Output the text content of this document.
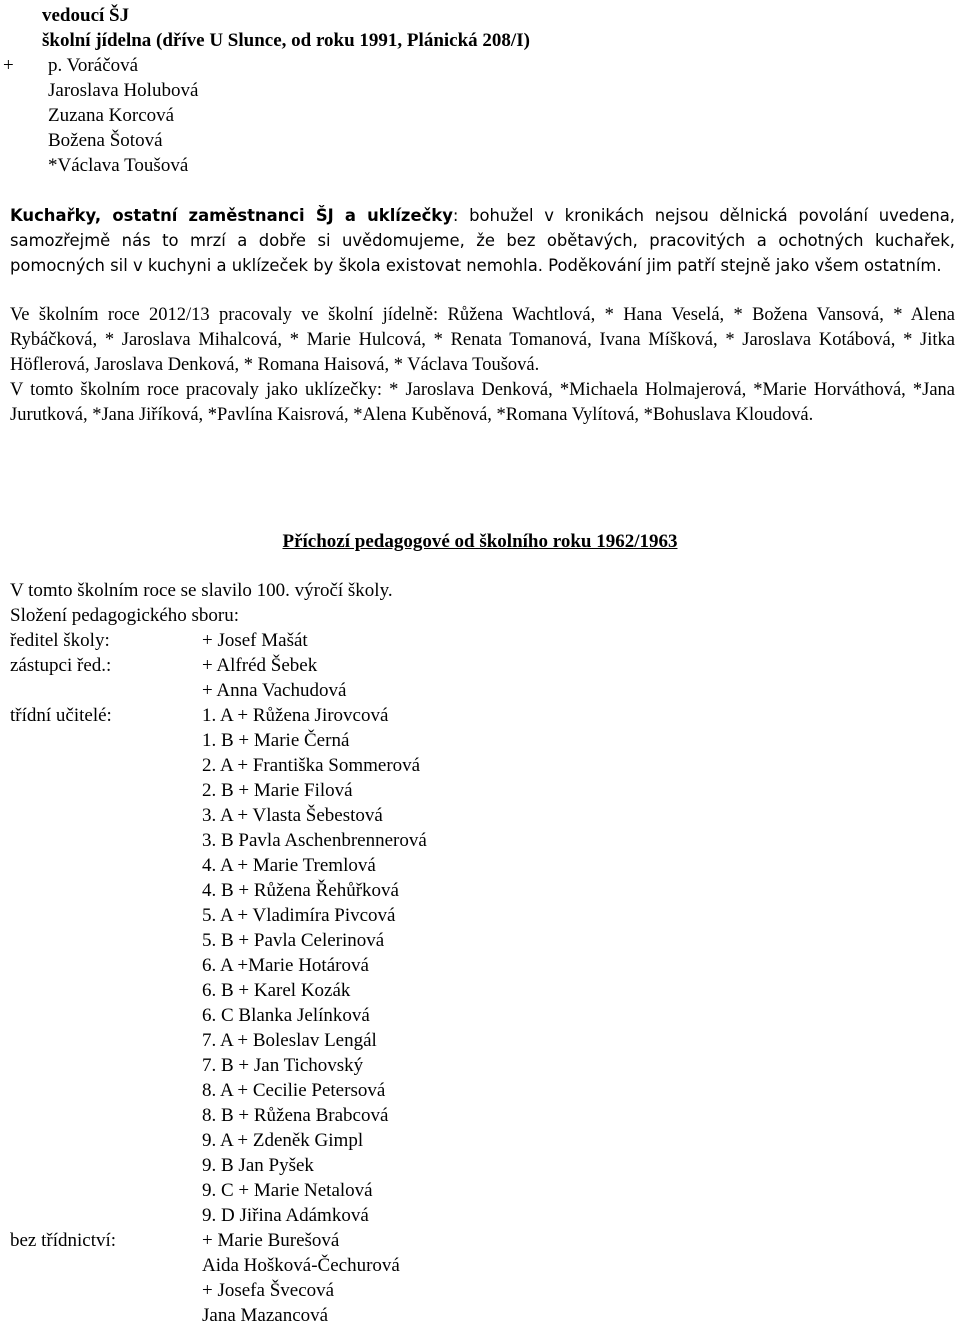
vedoucí ŠJ
školní jídelna (dříve U Slunce, od roku 1991, Plánická 208/I)
+ p. Voráčová
Jaroslava Holubová
Zuzana Korcová
Božena Šotová
*Václava Toušová

Kuchařky, ostatní zaměstnanci ŠJ a uklízečky: bohužel v kronikách nejsou dělnická povolání uvedena, samozřejmě nás to mrzí a dobře si uvědomujeme, že bez obětavých, pracovitých a ochotných kuchařek, pomocných sil v kuchyni a uklízeček by škola existovat nemohla. Poděkování jim patří stejně jako všem ostatním.

Ve školním roce 2012/13 pracovaly ve školní jídelně: Růžena Wachtlová, * Hana Veselá, * Božena Vansová, * Alena Rybáčková, * Jaroslava Mihalcová, * Marie Hulcová, * Renata Tomanová, Ivana Míšková, * Jaroslava Kotábová, * Jitka Höflerová, Jaroslava Denková, * Romana Haisová, * Václava Toušová.

V tomto školním roce pracovaly jako uklízečky: * Jaroslava Denková, *Michaela Holmajerová, *Marie Horváthová, *Jana Jurutková, *Jana Jiříková, *Pavlína Kaisrová, *Alena Kuběnová, *Romana Vylítová, *Bohuslava Kloudová.

Příchozí pedagogové od školního roku 1962/1963
V tomto školním roce se slavilo 100. výročí školy.
Složení pedagogického sboru:
ředitel školy:
zástupci řed.:
třídní učitelé:
bez třídnictví:
+ Josef Mašát
+ Alfréd Šebek
+ Anna Vachudová
1. A + Růžena Jirovcová
1. B + Marie Černá
2. A + Františka Sommerová
2. B + Marie Filová
3. A + Vlasta Šebestová
3. B Pavla Aschenbrennerová
4. A + Marie Tremlová
4. B + Růžena Řehůřková
5. A + Vladimíra Pivcová
5. B + Pavla Celerinová
6. A +Marie Hotárová
6. B + Karel Kozák
6. C Blanka Jelínková
7. A + Boleslav Lengál
7. B + Jan Tichovský
8. A + Cecilie Petersová
8. B + Růžena Brabcová
9. A + Zdeněk Gimpl
9. B Jan Pyšek
9. C + Marie Netalová
9. D Jiřina Adámková
+ Marie Burešová
Aida Hošková-Čechurová
+ Josefa Švecová
Jana Mazancová
